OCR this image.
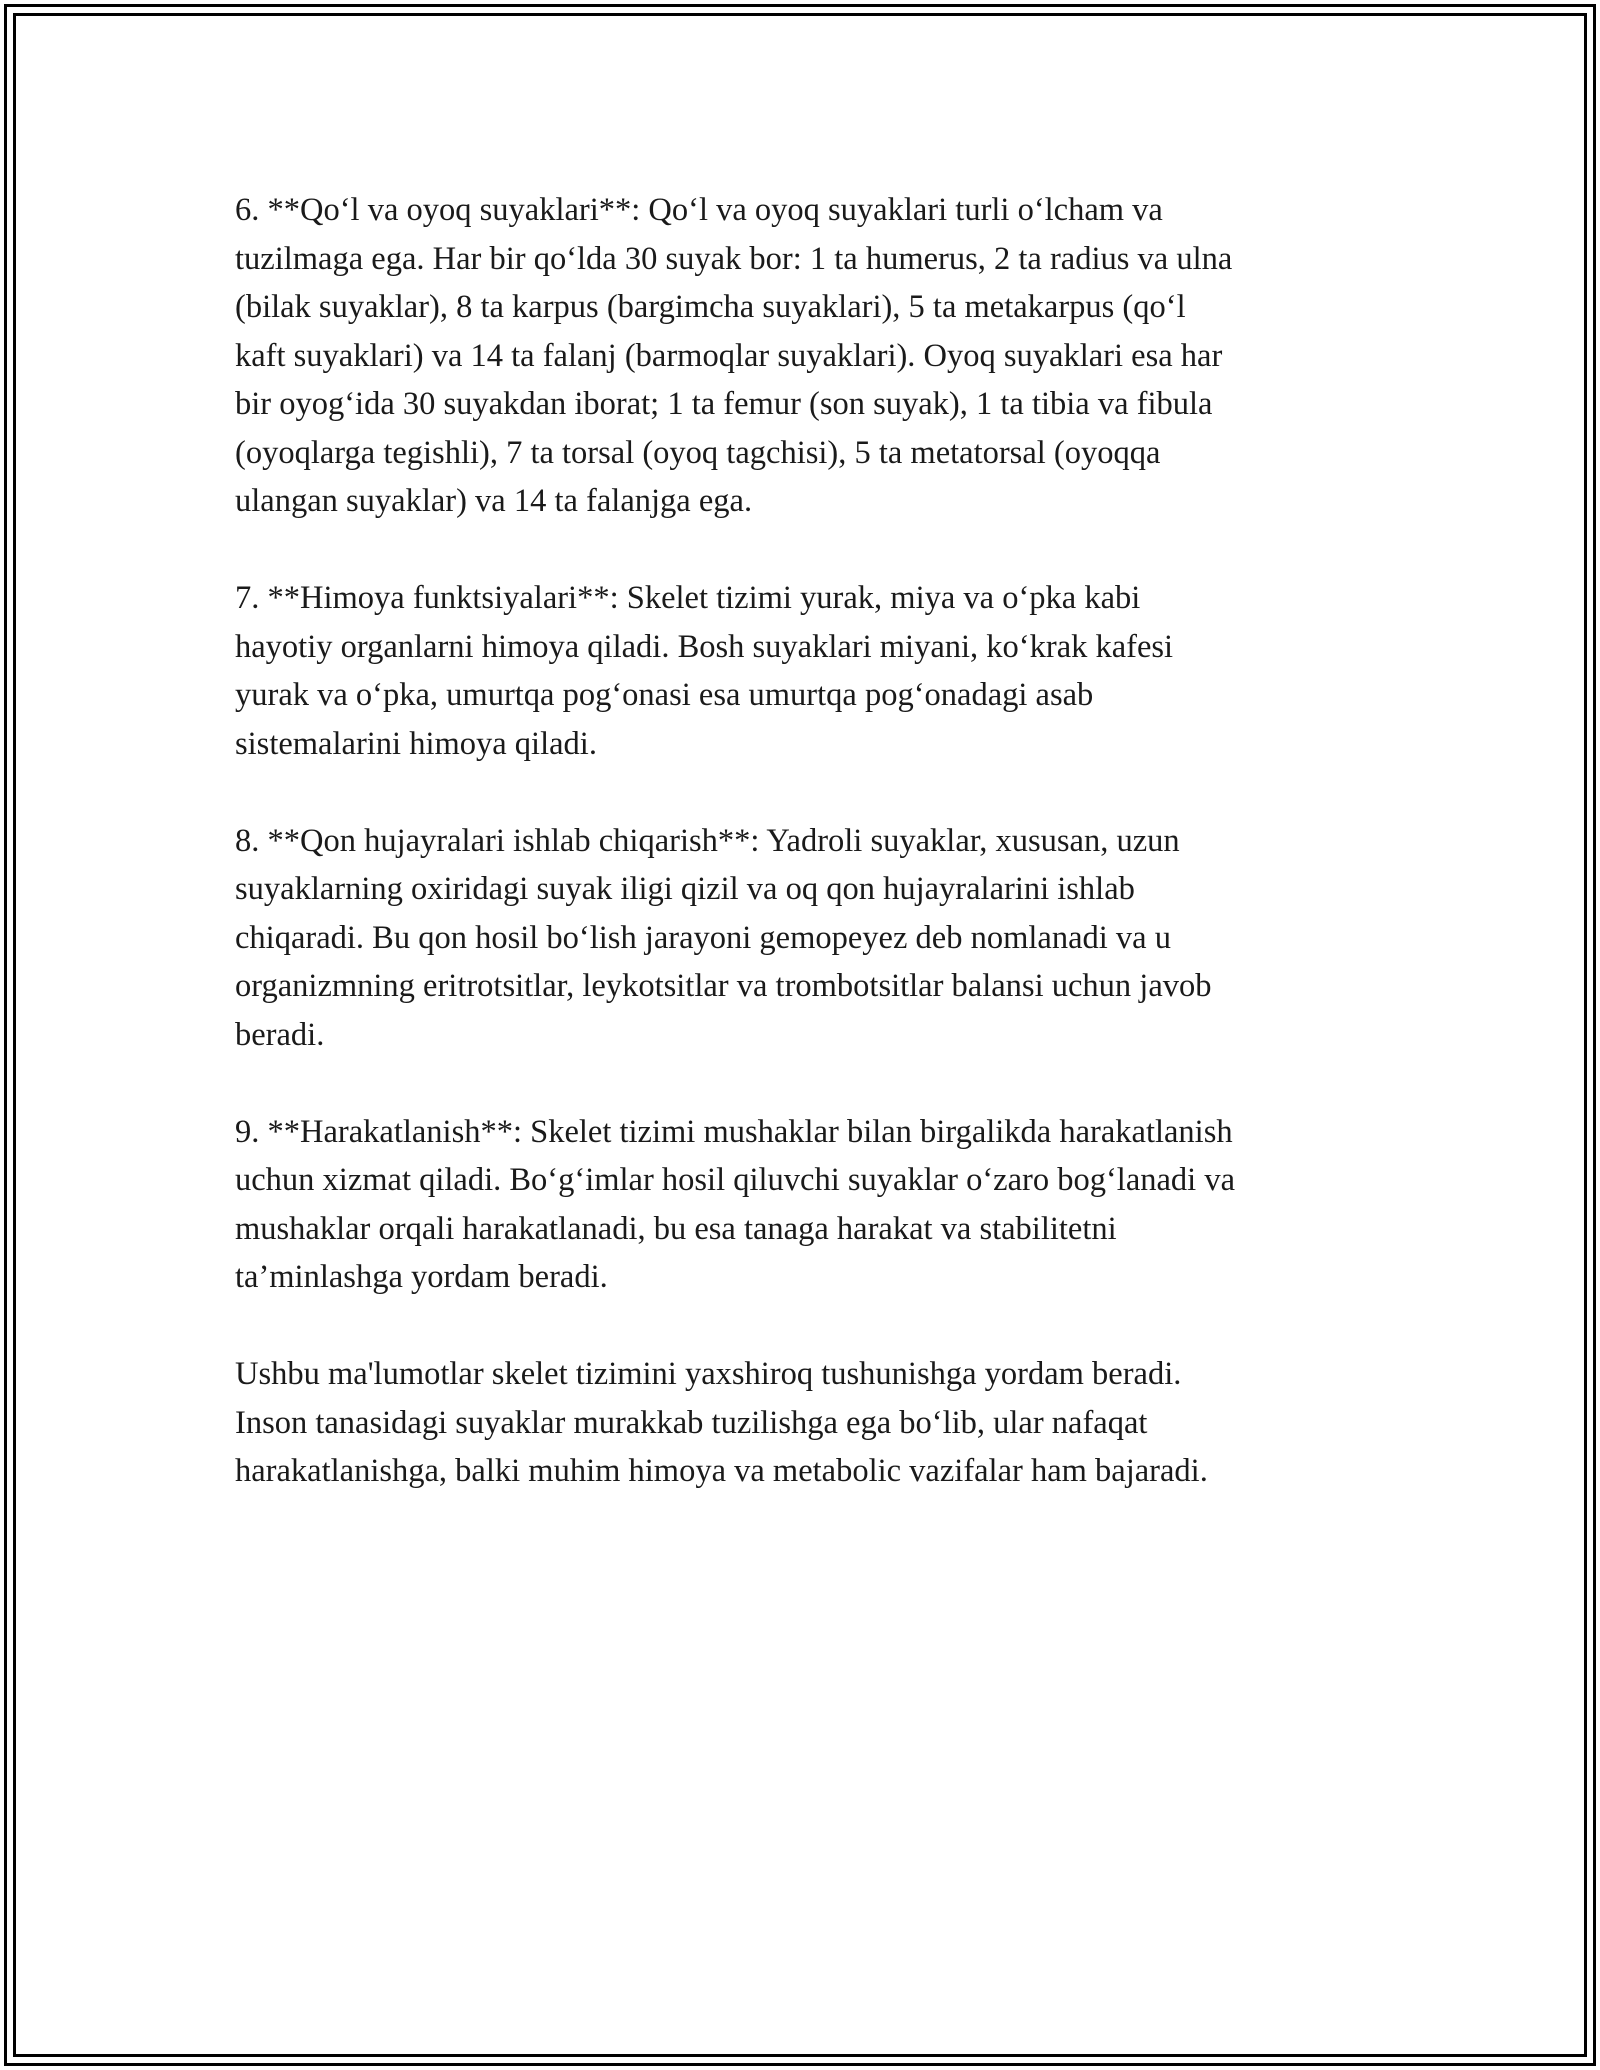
6. **Qo‘l va oyoq suyaklari**: Qo‘l va oyoq suyaklari turli o‘lcham va
tuzilmaga ega. Har bir qo‘lda 30 suyak bor: 1 ta humerus, 2 ta radius va ulna
(bilak suyaklar), 8 ta karpus (bargimcha suyaklari), 5 ta metakarpus (qo‘l
kaft suyaklari) va 14 ta falanj (barmoqlar suyaklari). Oyoq suyaklari esa har
bir oyog‘ida 30 suyakdan iborat; 1 ta femur (son suyak), 1 ta tibia va fibula
(oyoqlarga tegishli), 7 ta torsal (oyoq tagchisi), 5 ta metatorsal (oyoqqa
ulangan suyaklar) va 14 ta falanjga ega.

7. **Himoya funktsiyalari**: Skelet tizimi yurak, miya va o‘pka kabi
hayotiy organlarni himoya qiladi. Bosh suyaklari miyani, ko‘krak kafesi
yurak va o‘pka, umurtqa pog‘onasi esa umurtqa pog‘onadagi asab
sistemalarini himoya qiladi.

8. **Qon hujayralari ishlab chiqarish**: Yadroli suyaklar, xususan, uzun
suyaklarning oxiridagi suyak iligi qizil va oq qon hujayralarini ishlab
chiqaradi. Bu qon hosil bo‘lish jarayoni gemopeyez deb nomlanadi va u
organizmning eritrotsitlar, leykotsitlar va trombotsitlar balansi uchun javob
beradi.

9. **Harakatlanish**: Skelet tizimi mushaklar bilan birgalikda harakatlanish
uchun xizmat qiladi. Bo‘g‘imlar hosil qiluvchi suyaklar o‘zaro bog‘lanadi va
mushaklar orqali harakatlanadi, bu esa tanaga harakat va stabilitetni
ta’minlashga yordam beradi.

Ushbu ma'lumotlar skelet tizimini yaxshiroq tushunishga yordam beradi.
Inson tanasidagi suyaklar murakkab tuzilishga ega bo‘lib, ular nafaqat
harakatlanishga, balki muhim himoya va metabolic vazifalar ham bajaradi.
